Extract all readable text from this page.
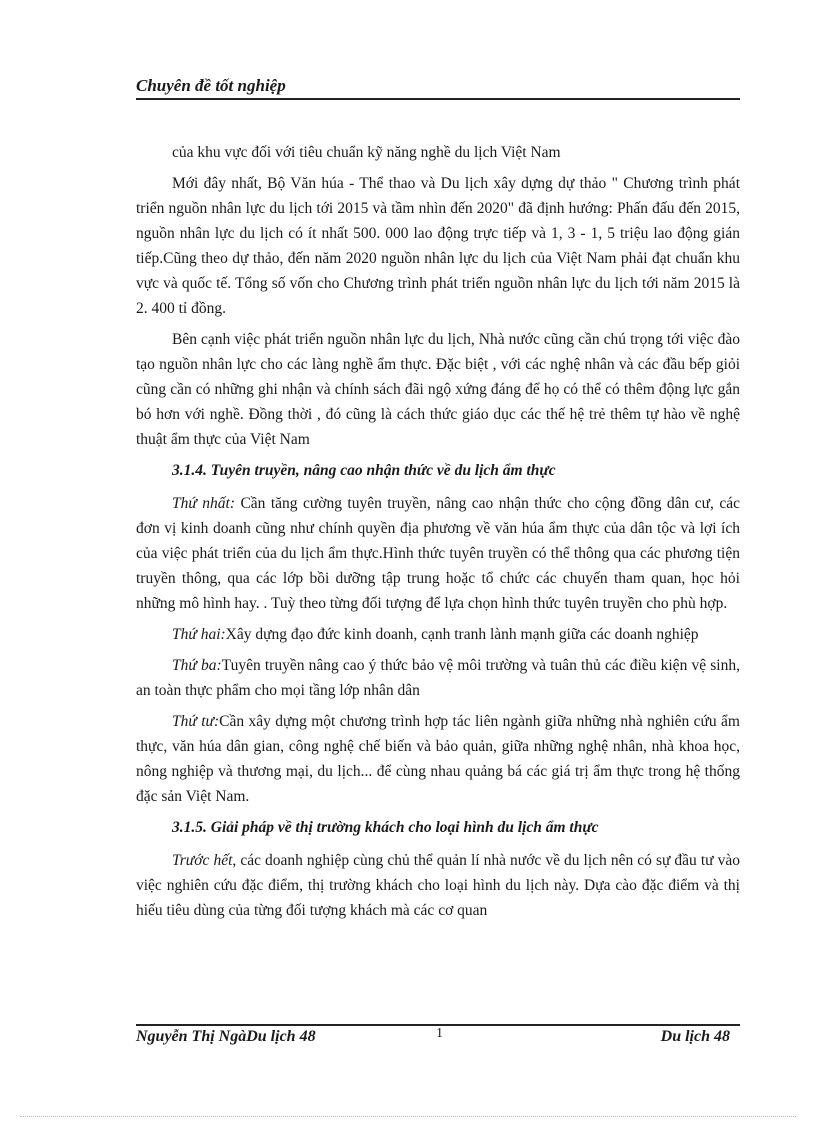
Chuyên đề tốt nghiệp

của khu vực đối với tiêu chuẩn kỹ năng nghề du lịch Việt Nam

Mới đây nhất, Bộ Văn húa - Thể thao và Du lịch xây dựng dự thảo " Chương trình phát triển nguồn nhân lực du lịch tới 2015 và tầm nhìn đến 2020" đã định hướng: Phấn đấu đến 2015, nguồn nhân lực du lịch có ít nhất 500. 000 lao động trực tiếp và 1, 3 - 1, 5 triệu lao động gián tiếp.Cũng theo dự thảo, đến năm 2020 nguồn nhân lực du lịch của Việt Nam phải đạt chuẩn khu vực và quốc tế. Tổng số vốn cho Chương trình phát triển nguồn nhân lực du lịch tới năm 2015 là 2. 400 tỉ đồng.

Bên cạnh việc phát triển nguồn nhân lực du lịch, Nhà nước cũng cần chú trọng tới việc đào tạo nguồn nhân lực cho các làng nghề ẩm thực. Đặc biệt , với các nghệ nhân và các đầu bếp giỏi cũng cần có những ghi nhận và chính sách đãi ngộ xứng đáng để họ có thể có thêm động lực gắn bó hơn với nghề. Đồng thời , đó cũng là cách thức giáo dục các thế hệ trẻ thêm tự hào về nghệ thuật ẩm thực của Việt Nam

3.1.4. Tuyên truyền, nâng cao nhận thức về du lịch ẩm thực

Thứ nhất: Cần tăng cường tuyên truyền, nâng cao nhận thức cho cộng đồng dân cư, các đơn vị kinh doanh cũng như chính quyền địa phương về văn húa ẩm thực của dân tộc và lợi ích của việc phát triển của du lịch ẩm thực.Hình thức tuyên truyền có thể thông qua các phương tiện truyền thông, qua các lớp bồi dưỡng tập trung hoặc tổ chức các chuyến tham quan, học hỏi những mô hình hay. . Tuỳ theo từng đối tượng để lựa chọn hình thức tuyên truyền cho phù hợp.

Thứ hai:Xây dựng đạo đức kinh doanh, cạnh tranh lành mạnh giữa các doanh nghiệp

Thứ ba:Tuyên truyền nâng cao ý thức bảo vệ môi trường và tuân thủ các điều kiện vệ sinh, an toàn thực phẩm cho mọi tầng lớp nhân dân

Thứ tư:Cần xây dựng một chương trình hợp tác liên ngành giữa những nhà nghiên cứu ẩm thực, văn húa dân gian, công nghệ chế biến và bảo quản, giữa những nghệ nhân, nhà khoa học, nông nghiệp và thương mại, du lịch... để cùng nhau quảng bá các giá trị ẩm thực trong hệ thống đặc sản Việt Nam.

3.1.5. Giải pháp về thị trường khách cho loại hình du lịch ẩm thực

Trước hết, các doanh nghiệp cùng chủ thể quản lí nhà nước về du lịch nên có sự đầu tư vào việc nghiên cứu đặc điểm, thị trường khách cho loại hình du lịch này. Dựa cào đặc điểm và thị hiếu tiêu dùng của từng đối tượng khách mà các cơ quan

Nguyễn Thị NgàDu lịch 48	1	Du lịch 48
